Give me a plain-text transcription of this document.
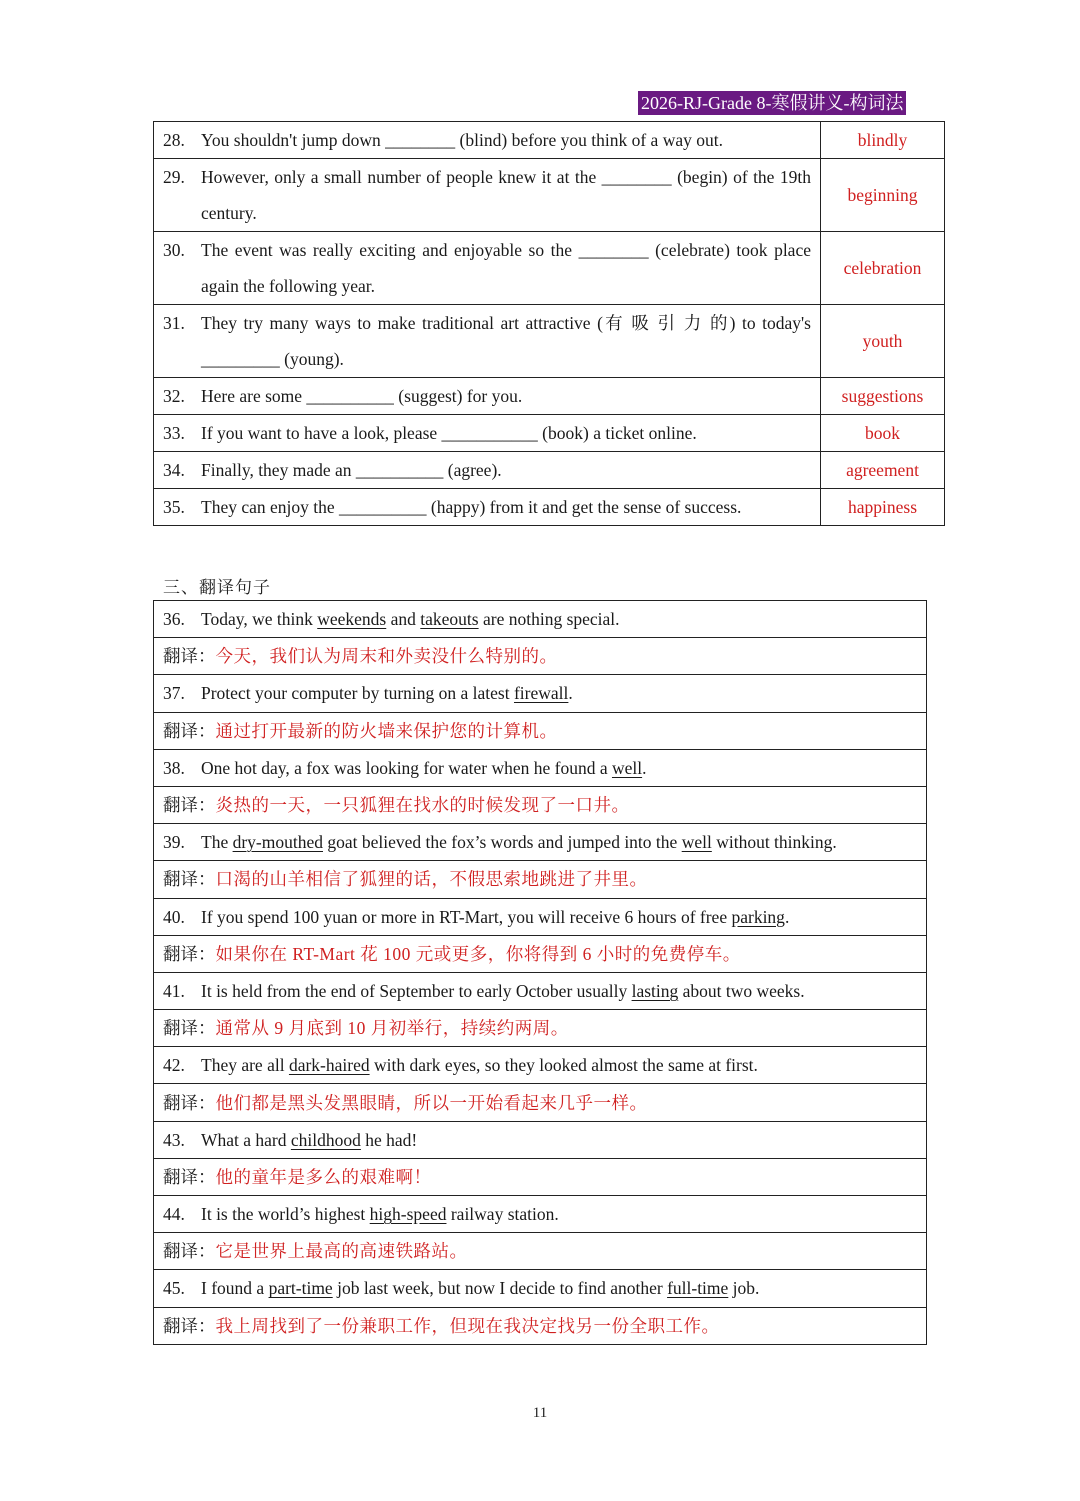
2026-RJ-Grade 8-寒假讲义-构词法
28. You shouldn't jump down ________ (blind) before you think of a way out.	blindly

29. However, only a small number of people knew it at the ________ (begin) of the 19th century.	beginning

30. The event was really exciting and enjoyable so the ________ (celebrate) took place again the following year.	celebration

31. They try many ways to make traditional art attractive (有 吸 引 力 的) to today's _________ (young).	youth

32. Here are some __________ (suggest) for you.	suggestions

33. If you want to have a look, please ___________ (book) a ticket online.	book

34. Finally, they made an __________ (agree).	agreement

35. They can enjoy the __________ (happy) from it and get the sense of success.	happiness
三、翻译句子
36. Today, we think weekends and takeouts are nothing special.
翻译：今天，我们认为周末和外卖没什么特别的。
37. Protect your computer by turning on a latest firewall.
翻译：通过打开最新的防火墙来保护您的计算机。
38. One hot day, a fox was looking for water when he found a well.
翻译：炎热的一天，一只狐狸在找水的时候发现了一口井。
39. The dry-mouthed goat believed the fox’s words and jumped into the well without thinking.
翻译：口渴的山羊相信了狐狸的话，不假思索地跳进了井里。
40. If you spend 100 yuan or more in RT-Mart, you will receive 6 hours of free parking.
翻译：如果你在 RT-Mart 花 100 元或更多，你将得到 6 小时的免费停车。
41. It is held from the end of September to early October usually lasting about two weeks.
翻译：通常从 9 月底到 10 月初举行，持续约两周。
42. They are all dark-haired with dark eyes, so they looked almost the same at first.
翻译：他们都是黑头发黑眼睛，所以一开始看起来几乎一样。
43. What a hard childhood he had!
翻译：他的童年是多么的艰难啊！
44. It is the world’s highest high-speed railway station.
翻译：它是世界上最高的高速铁路站。
45. I found a part-time job last week, but now I decide to find another full-time job.
翻译：我上周找到了一份兼职工作，但现在我决定找另一份全职工作。
11
